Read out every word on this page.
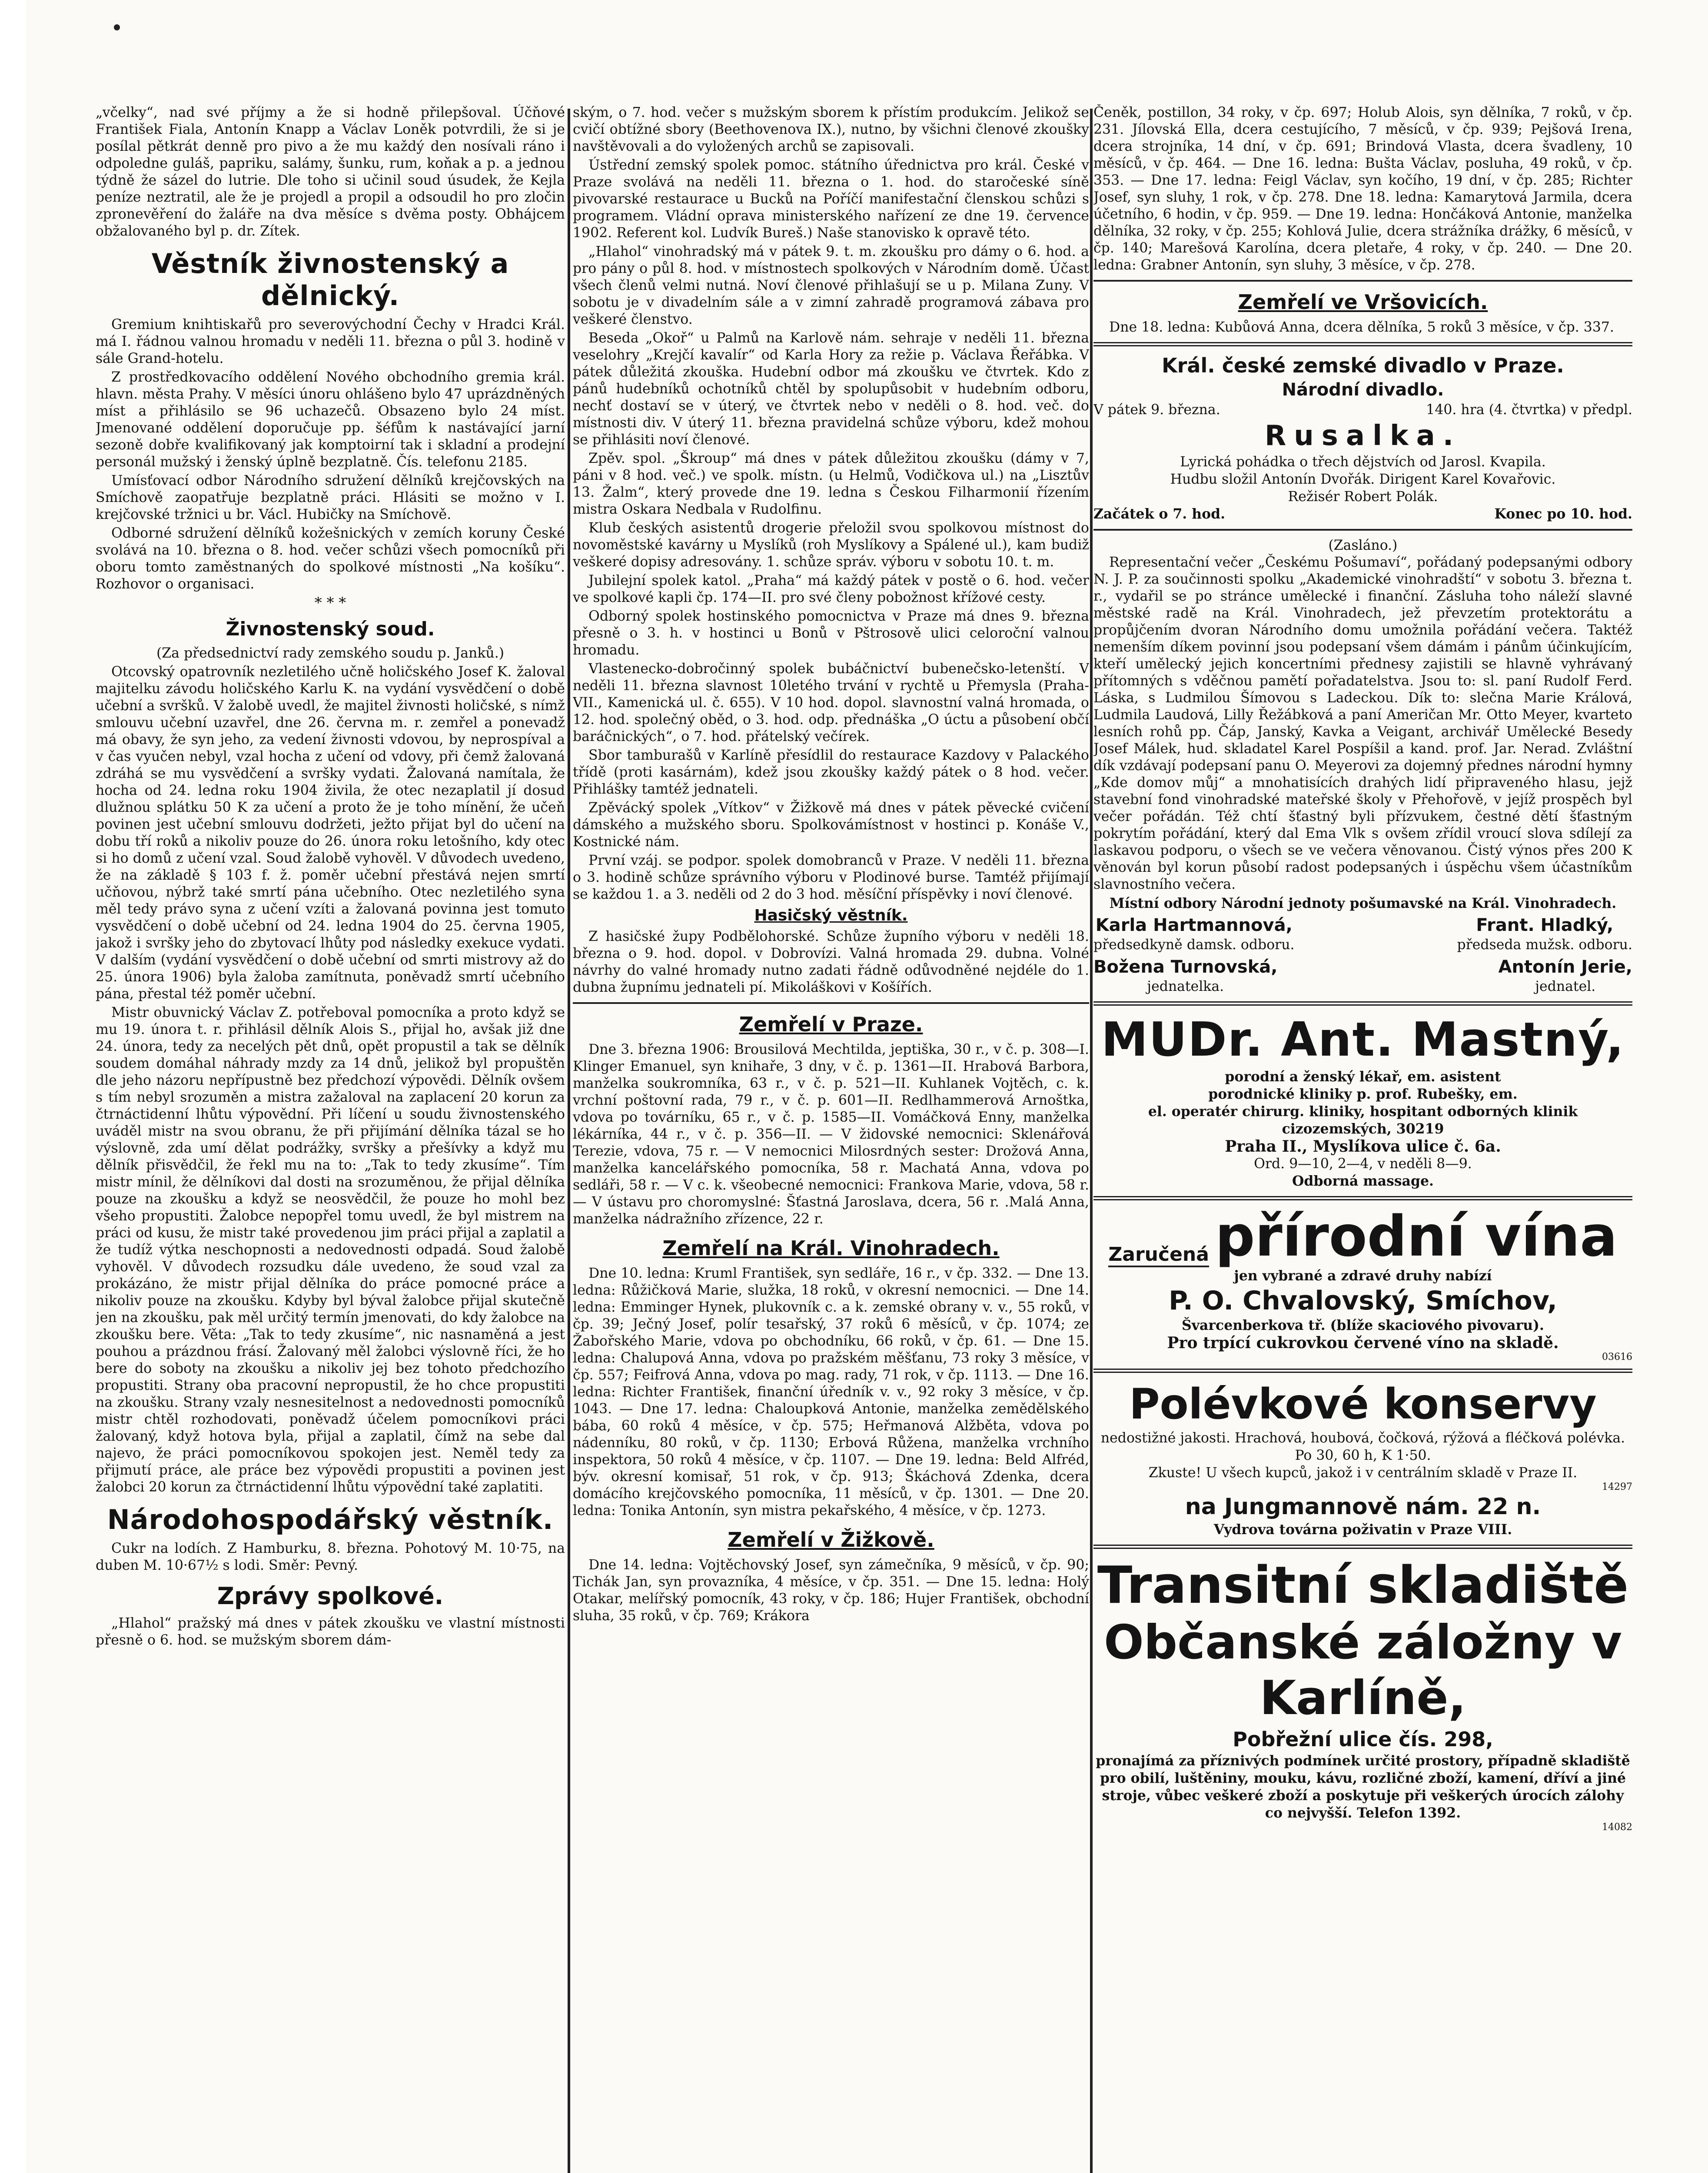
„včelky“, nad své příjmy a že si hodně přilepšoval. Účňové František Fiala, Antonín Knapp a Václav Loněk potvrdili, že si je posílal pětkrát denně pro pivo a že mu každý den nosívali ráno i odpoledne guláš, papriku, salámy, šunku, rum, koňak a p. a jednou týdně že sázel do lutrie. Dle toho si učinil soud úsudek, že Kejla peníze neztratil, ale že je projedl a propil a odsoudil ho pro zločin zpronevěření do žaláře na dva měsíce s dvěma posty. Obhájcem obžalovaného byl p. dr. Zítek.

Věstník živnostenský a dělnický.

Gremium knihtiskařů pro severovýchodní Čechy v Hradci Král. má I. řádnou valnou hromadu v neděli 11. března o půl 3. hodině v sále Grand-hotelu.

Z prostředkovacího oddělení Nového obchodního gremia král. hlavn. města Prahy. V měsíci únoru ohlášeno bylo 47 uprázdněných míst a přihlásilo se 96 uchazečů. Obsazeno bylo 24 míst. Jmenované oddělení doporučuje pp. šéfům k nastávající jarní sezoně dobře kvalifikovaný jak komptoirní tak i skladní a prodejní personál mužský i ženský úplně bezplatně. Čís. telefonu 2185.

Umísťovací odbor Národního sdružení dělníků krejčovských na Smíchově zaopatřuje bezplatně práci. Hlásiti se možno v I. krejčovské tržnici u br. Václ. Hubičky na Smíchově.

Odborné sdružení dělníků kožešnických v zemích koruny České svolává na 10. března o 8. hod. večer schůzi všech pomocníků při oboru tomto zaměstnaných do spolkové místnosti „Na košíku“. Rozhovor o organisaci.

* * *
Živnostenský soud.

(Za předsednictví rady zemského soudu p. Janků.)

Otcovský opatrovník nezletilého učně holičského Josef K. žaloval majitelku závodu holičského Karlu K. na vydání vysvědčení o době učební a svršků. V žalobě uvedl, že majitel živnosti holičské, s nímž smlouvu učební uzavřel, dne 26. června m. r. zemřel a ponevadž má obavy, že syn jeho, za vedení živnosti vdovou, by neprospíval a v čas vyučen nebyl, vzal hocha z učení od vdovy, při čemž žalovaná zdráhá se mu vysvědčení a svršky vydati. Žalovaná namítala, že hocha od 24. ledna roku 1904 živila, že otec nezaplatil jí dosud dlužnou splátku 50 K za učení a proto že je toho mínění, že učeň povinen jest učební smlouvu dodržeti, ježto přijat byl do učení na dobu tří roků a nikoliv pouze do 26. února roku letošního, kdy otec si ho domů z učení vzal. Soud žalobě vyhověl. V důvodech uvedeno, že na základě § 103 f. ž. poměr učební přestává nejen smrtí učňovou, nýbrž také smrtí pána učebního. Otec nezletilého syna měl tedy právo syna z učení vzíti a žalovaná povinna jest tomuto vysvědčení o době učební od 24. ledna 1904 do 25. června 1905, jakož i svršky jeho do zbytovací lhůty pod následky exekuce vydati. V dalším (vydání vysvědčení o době učební od smrti mistrovy až do 25. února 1906) byla žaloba zamítnuta, poněvadž smrtí učebního pána, přestal též poměr učební.

Mistr obuvnický Václav Z. potřeboval pomocníka a proto když se mu 19. února t. r. přihlásil dělník Alois S., přijal ho, avšak již dne 24. února, tedy za necelých pět dnů, opět propustil a tak se dělník soudem domáhal náhrady mzdy za 14 dnů, jelikož byl propuštěn dle jeho názoru nepřípustně bez předchozí výpovědi. Dělník ovšem s tím nebyl srozuměn a mistra zažaloval na zaplacení 20 korun za čtrnáctidenní lhůtu výpovědní. Při líčení u soudu živnostenského uváděl mistr na svou obranu, že při přijímání dělníka tázal se ho výslovně, zda umí dělat podrážky, svršky a přešívky a když mu dělník přisvědčil, že řekl mu na to: „Tak to tedy zkusíme“. Tím mistr mínil, že dělníkovi dal dosti na srozuměnou, že přijal dělníka pouze na zkoušku a když se neosvědčil, že pouze ho mohl bez všeho propustiti. Žalobce nepopřel tomu uvedl, že byl mistrem na práci od kusu, že mistr také provedenou jim práci přijal a zaplatil a že tudíž výtka neschopnosti a nedovednosti odpadá. Soud žalobě vyhověl. V důvodech rozsudku dále uvedeno, že soud vzal za prokázáno, že mistr přijal dělníka do práce pomocné práce a nikoliv pouze na zkoušku. Kdyby byl býval žalobce přijal skutečně jen na zkoušku, pak měl určitý termín jmenovati, do kdy žalobce na zkoušku bere. Věta: „Tak to tedy zkusíme“, nic nasnaměná a jest pouhou a prázdnou frásí. Žalovaný měl žalobci výslovně říci, že ho bere do soboty na zkoušku a nikoliv jej bez tohoto předchozího propustiti. Strany oba pracovní nepropustil, že ho chce propustiti na zkoušku. Strany vzaly nesnesitelnost a nedovednosti pomocníků mistr chtěl rozhodovati, poněvadž účelem pomocníkovi práci žalovaný, když hotova byla, přijal a zaplatil, čímž na sebe dal najevo, že práci pomocníkovou spokojen jest. Neměl tedy za přijmutí práce, ale práce bez výpovědi propustiti a povinen jest žalobci 20 korun za čtrnáctidenní lhůtu výpovědní také zaplatiti.

Národohospodářský věstník.

Cukr na lodích. Z Hamburku, 8. března. Pohotový M. 10·75, na duben M. 10·67½ s lodi. Směr: Pevný.

Zprávy spolkové.

„Hlahol“ pražský má dnes v pátek zkoušku ve vlastní místnosti přesně o 6. hod. se mužským sborem dám-

ským, o 7. hod. večer s mužským sborem k přístím produkcím. Jelikož se cvičí obtížné sbory (Beethovenova IX.), nutno, by všichni členové zkoušky navštěvovali a do vyložených archů se zapisovali.

Ústřední zemský spolek pomoc. státního úřednictva pro král. České v Praze svolává na neděli 11. března o 1. hod. do staročeské síně pivovarské restaurace u Bucků na Poříčí manifestační členskou schůzi s programem. Vládní oprava ministerského nařízení ze dne 19. července 1902. Referent kol. Ludvík Bureš.) Naše stanovisko k opravě této.

„Hlahol“ vinohradský má v pátek 9. t. m. zkoušku pro dámy o 6. hod. a pro pány o půl 8. hod. v místnostech spolkových v Národním domě. Účast všech členů velmi nutná. Noví členové přihlašují se u p. Milana Zuny. V sobotu je v divadelním sále a v zimní zahradě programová zábava pro veškeré členstvo.

Beseda „Okoř“ u Palmů na Karlově nám. sehraje v neděli 11. března veselohry „Krejčí kavalír“ od Karla Hory za režie p. Václava Řeřábka. V pátek důležitá zkouška. Hudební odbor má zkoušku ve čtvrtek. Kdo z pánů hudebníků ochotníků chtěl by spolupůsobit v hudebním odboru, nechť dostaví se v úterý, ve čtvrtek nebo v neděli o 8. hod. več. do místnosti div. V úterý 11. března pravidelná schůze výboru, kdež mohou se přihlásiti noví členové.

Zpěv. spol. „Škroup“ má dnes v pátek důležitou zkoušku (dámy v 7, páni v 8 hod. več.) ve spolk. místn. (u Helmů, Vodičkova ul.) na „Lisztův 13. Žalm“, který provede dne 19. ledna s Českou Filharmonií řízením mistra Oskara Nedbala v Rudolfinu.

Klub českých asistentů drogerie přeložil svou spolkovou místnost do novoměstské kavárny u Myslíků (roh Myslíkovy a Spálené ul.), kam budiž veškeré dopisy adresovány. 1. schůze správ. výboru v sobotu 10. t. m.

Jubilejní spolek katol. „Praha“ má každý pátek v postě o 6. hod. večer ve spolkové kapli čp. 174—II. pro své členy pobožnost křížové cesty.

Odborný spolek hostinského pomocnictva v Praze má dnes 9. března přesně o 3. h. v hostinci u Bonů v Pštrosově ulici celoroční valnou hromadu.

Vlastenecko-dobročinný spolek bubáčnictví bubenečsko-letenští. V neděli 11. března slavnost 10letého trvání v rychtě u Přemysla (Praha-VII., Kamenická ul. č. 655). V 10 hod. dopol. slavnostní valná hromada, o 12. hod. společný oběd, o 3. hod. odp. přednáška „O úctu a působení občí baráčnických“, o 7. hod. přátelský večírek.

Sbor tamburašů v Karlíně přesídlil do restaurace Kazdovy v Palackého třídě (proti kasárnám), kdež jsou zkoušky každý pátek o 8 hod. večer. Přihlášky tamtéž jednateli.

Zpěvácký spolek „Vítkov“ v Žižkově má dnes v pátek pěvecké cvičení dámského a mužského sboru. Spolkovámístnost v hostinci p. Konáše V., Kostnické nám.

První vzáj. se podpor. spolek domobranců v Praze. V neděli 11. března o 3. hodině schůze správního výboru v Plodinové burse. Tamtéž přijímají se každou 1. a 3. neděli od 2 do 3 hod. měsíční příspěvky i noví členové.

Hasičský věstník.

Z hasičské župy Podbělohorské. Schůze župního výboru v neděli 18. března o 9. hod. dopol. v Dobrovízi. Valná hromada 29. dubna. Volné návrhy do valné hromady nutno zadati řádně odůvodněné nejdéle do 1. dubna župnímu jednateli pí. Mikoláškovi v Košířích.

Zemřelí v Praze.

Dne 3. března 1906: Brousilová Mechtilda, jeptiška, 30 r., v č. p. 308—I. Klinger Emanuel, syn knihaře, 3 dny, v č. p. 1361—II. Hrabová Barbora, manželka soukromníka, 63 r., v č. p. 521—II. Kuhlanek Vojtěch, c. k. vrchní poštovní rada, 79 r., v č. p. 601—II. Redlhammerová Arnoštka, vdova po továrníku, 65 r., v č. p. 1585—II. Vomáčková Enny, manželka lékárníka, 44 r., v č. p. 356—II. — V židovské nemocnici: Sklenářová Terezie, vdova, 75 r. — V nemocnici Milosrdných sester: Drožová Anna, manželka kancelářského pomocníka, 58 r. Machatá Anna, vdova po sedláři, 58 r. — V c. k. všeobecné nemocnici: Frankova Marie, vdova, 58 r. — V ústavu pro choromyslné: Šťastná Jaroslava, dcera, 56 r. .Malá Anna, manželka nádražního zřízence, 22 r.

Zemřelí na Král. Vinohradech.

Dne 10. ledna: Kruml František, syn sedláře, 16 r., v čp. 332. — Dne 13. ledna: Růžičková Marie, služka, 18 roků, v okresní nemocnici. — Dne 14. ledna: Emminger Hynek, plukovník c. a k. zemské obrany v. v., 55 roků, v čp. 39; Ječný Josef, polír tesařský, 37 roků 6 měsíců, v čp. 1074; ze Žabořského Marie, vdova po obchodníku, 66 roků, v čp. 61. — Dne 15. ledna: Chalupová Anna, vdova po pražském měšťanu, 73 roky 3 měsíce, v čp. 557; Feifrová Anna, vdova po mag. rady, 71 rok, v čp. 1113. — Dne 16. ledna: Richter František, finanční úředník v. v., 92 roky 3 měsíce, v čp. 1043. — Dne 17. ledna: Chaloupková Antonie, manželka zemědělského bába, 60 roků 4 měsíce, v čp. 575; Heřmanová Alžběta, vdova po nádenníku, 80 roků, v čp. 1130; Erbová Růžena, manželka vrchního inspektora, 50 roků 4 měsíce, v čp. 1107. — Dne 19. ledna: Beld Alfréd, býv. okresní komisař, 51 rok, v čp. 913; Škáchová Zdenka, dcera domácího krejčovského pomocníka, 11 měsíců, v čp. 1301. — Dne 20. ledna: Tonika Antonín, syn mistra pekařského, 4 měsíce, v čp. 1273.

Zemřelí v Žižkově.

Dne 14. ledna: Vojtěchovský Josef, syn zámečníka, 9 měsíců, v čp. 90; Tichák Jan, syn provazníka, 4 měsíce, v čp. 351. — Dne 15. ledna: Holý Otakar, melířský pomocník, 43 roky, v čp. 186; Hujer František, obchodní sluha, 35 roků, v čp. 769; Krákora

Čeněk, postillon, 34 roky, v čp. 697; Holub Alois, syn dělníka, 7 roků, v čp. 231. Jílovská Ella, dcera cestujícího, 7 měsíců, v čp. 939; Pejšová Irena, dcera strojníka, 14 dní, v čp. 691; Brindová Vlasta, dcera švadleny, 10 měsíců, v čp. 464. — Dne 16. ledna: Bušta Václav, posluha, 49 roků, v čp. 353. — Dne 17. ledna: Feigl Václav, syn kočího, 19 dní, v čp. 285; Richter Josef, syn sluhy, 1 rok, v čp. 278. Dne 18. ledna: Kamarytová Jarmila, dcera účetního, 6 hodin, v čp. 959. — Dne 19. ledna: Hončáková Antonie, manželka dělníka, 32 roky, v čp. 255; Kohlová Julie, dcera strážníka drážky, 6 měsíců, v čp. 140; Marešová Karolína, dcera pletaře, 4 roky, v čp. 240. — Dne 20. ledna: Grabner Antonín, syn sluhy, 3 měsíce, v čp. 278.

Zemřelí ve Vršovicích.

Dne 18. ledna: Kubůová Anna, dcera dělníka, 5 roků 3 měsíce, v čp. 337.

Král. české zemské divadlo v Praze.
Národní divadlo.
V pátek 9. března.	140. hra (4. čtvrtka) v předpl.
Rusalka.
Lyrická pohádka o třech dějstvích od Jarosl. Kvapila.
Hudbu složil Antonín Dvořák. Dirigent Karel Kovařovic.
Režisér Robert Polák.
Začátek o 7. hod.	Konec po 10. hod.
(Zasláno.)

Representační večer „Českému Pošumaví“, pořádaný podepsanými odbory N. J. P. za součinnosti spolku „Akademické vinohradští“ v sobotu 3. března t. r., vydařil se po stránce umělecké i finanční. Zásluha toho náleží slavné městské radě na Král. Vinohradech, jež převzetím protektorátu a propůjčením dvoran Národního domu umožnila pořádání večera. Taktéž nemenším díkem povinní jsou podepsaní všem dámám i pánům účinkujícím, kteří umělecký jejich koncertními přednesy zajistili se hlavně vyhrávaný přítomných s vděčnou pamětí pořadatelstva. Jsou to: sl. paní Rudolf Ferd. Láska, s Ludmilou Šímovou s Ladeckou. Dík to: slečna Marie Králová, Ludmila Laudová, Lilly Řežábková a paní Američan Mr. Otto Meyer, kvarteto lesních rohů pp. Čáp, Janský, Kavka a Veigant, archivář Umělecké Besedy Josef Málek, hud. skladatel Karel Pospíšil a kand. prof. Jar. Nerad. Zvláštní dík vzdávají podepsaní panu O. Meyerovi za dojemný přednes národní hymny „Kde domov můj“ a mnohatisících drahých lidí připraveného hlasu, jejž stavební fond vinohradské mateřské školy v Přehořově, v jejíž prospěch byl večer pořádán. Též chtí šťastný byli přízvukem, čestné dětí šťastným pokrytím pořádání, který dal Ema Vlk s ovšem zřídil vroucí slova sdílejí za laskavou podporu, o všech se ve večera věnovanou. Čistý výnos přes 200 K věnován byl korun působí radost podepsaných i úspěchu všem účastníkům slavnostního večera.

Místní odbory Národní jednoty pošumavské na Král. Vinohradech.

Karla Hartmannová,
předsedkyně damsk. odboru.
Frant. Hladký,
předseda mužsk. odboru.
Božena Turnovská,
jednatelka.
Antonín Jerie,
jednatel.
MUDr. Ant. Mastný,
porodní a ženský lékař, em. asistent
porodnické kliniky p. prof. Rubešky, em.
el. operatér chirurg. kliniky, hospitant odborných klinik cizozemských, 30219
Praha II., Myslíkova ulice č. 6a.
Ord. 9—10, 2—4, v neděli 8—9.
Odborná massage.
Zaručená přírodní vína
jen vybrané a zdravé druhy nabízí
P. O. Chvalovský, Smíchov,
Švarcenberkova tř. (blíže skaciového pivovaru).
Pro trpící cukrovkou červené víno na skladě.
03616
Polévkové konservy
nedostižné jakosti. Hrachová, houbová, čočková, rýžová a fléčková polévka. Po 30, 60 h, K 1·50.
Zkuste! U všech kupců, jakož i v centrálním skladě v Praze II.
14297
na Jungmannově nám. 22 n.
Vydrova továrna poživatin v Praze VIII.
Transitní skladiště
Občanské záložny v Karlíně,
Pobřežní ulice čís. 298,
pronajímá za příznivých podmínek určité prostory, případně skladiště pro obilí, luštěniny, mouku, kávu, rozličné zboží, kamení, dříví a jiné stroje, vůbec veškeré zboží a poskytuje při veškerých úrocích zálohy co nejvyšší. Telefon 1392.
14082
